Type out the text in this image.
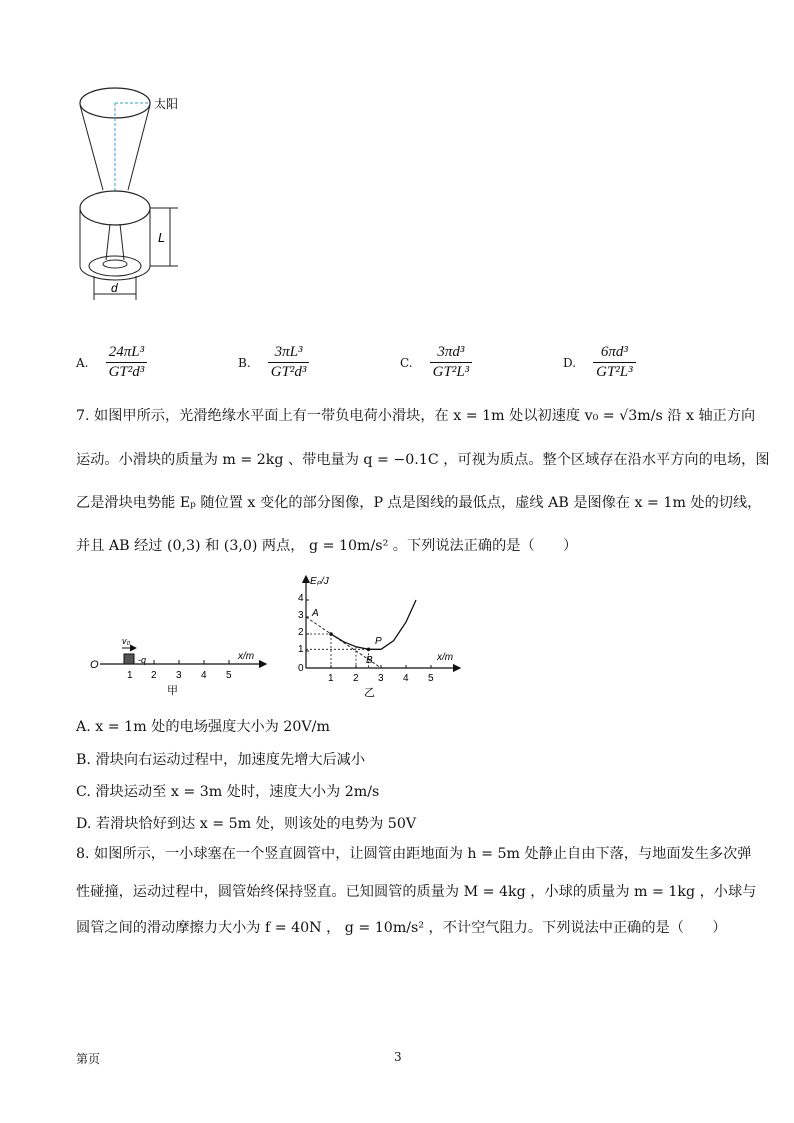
太阳
L
d
A. $\frac{\text{24πL³}}{\text{GT²d³}}$	B. $\frac{\text{3πL³}}{\text{GT²d³}}$	C. $\frac{\text{3πd³}}{\text{GT²L³}}$	D. $\frac{\text{6πd³}}{\text{GT²L³}}$
7. 如图甲所示，光滑绝缘水平面上有一带负电荷小滑块，在 x = 1m 处以初速度 v₀ = √3m/s 沿 x 轴正方向
运动。小滑块的质量为 m = 2kg 、带电量为 q = −0.1C ，可视为质点。整个区域存在沿水平方向的电场，图
乙是滑块电势能 Eₚ 随位置 x 变化的部分图像，P 点是图线的最低点，虚线 AB 是图像在 x = 1m 处的切线，
并且 AB 经过 (0,3) 和 (3,0) 两点， g = 10m/s² 。下列说法正确的是（　　）
v₀
-q
O
x/m
1 2 3 4 5
甲
Eₚ/J
x/m
4
3
2
1
0
1 2 3 4 5
A
B
P
乙
A. x = 1m 处的电场强度大小为 20V/m
B. 滑块向右运动过程中，加速度先增大后减小
C. 滑块运动至 x = 3m 处时，速度大小为 2m/s
D. 若滑块恰好到达 x = 5m 处，则该处的电势为 50V
8. 如图所示，一小球塞在一个竖直圆管中，让圆管由距地面为 h = 5m 处静止自由下落，与地面发生多次弹
性碰撞，运动过程中，圆管始终保持竖直。已知圆管的质量为 M = 4kg ，小球的质量为 m = 1kg ，小球与
圆管之间的滑动摩擦力大小为 f = 40N ， g = 10m/s² ，不计空气阻力。下列说法中正确的是（　　）
第页	3
